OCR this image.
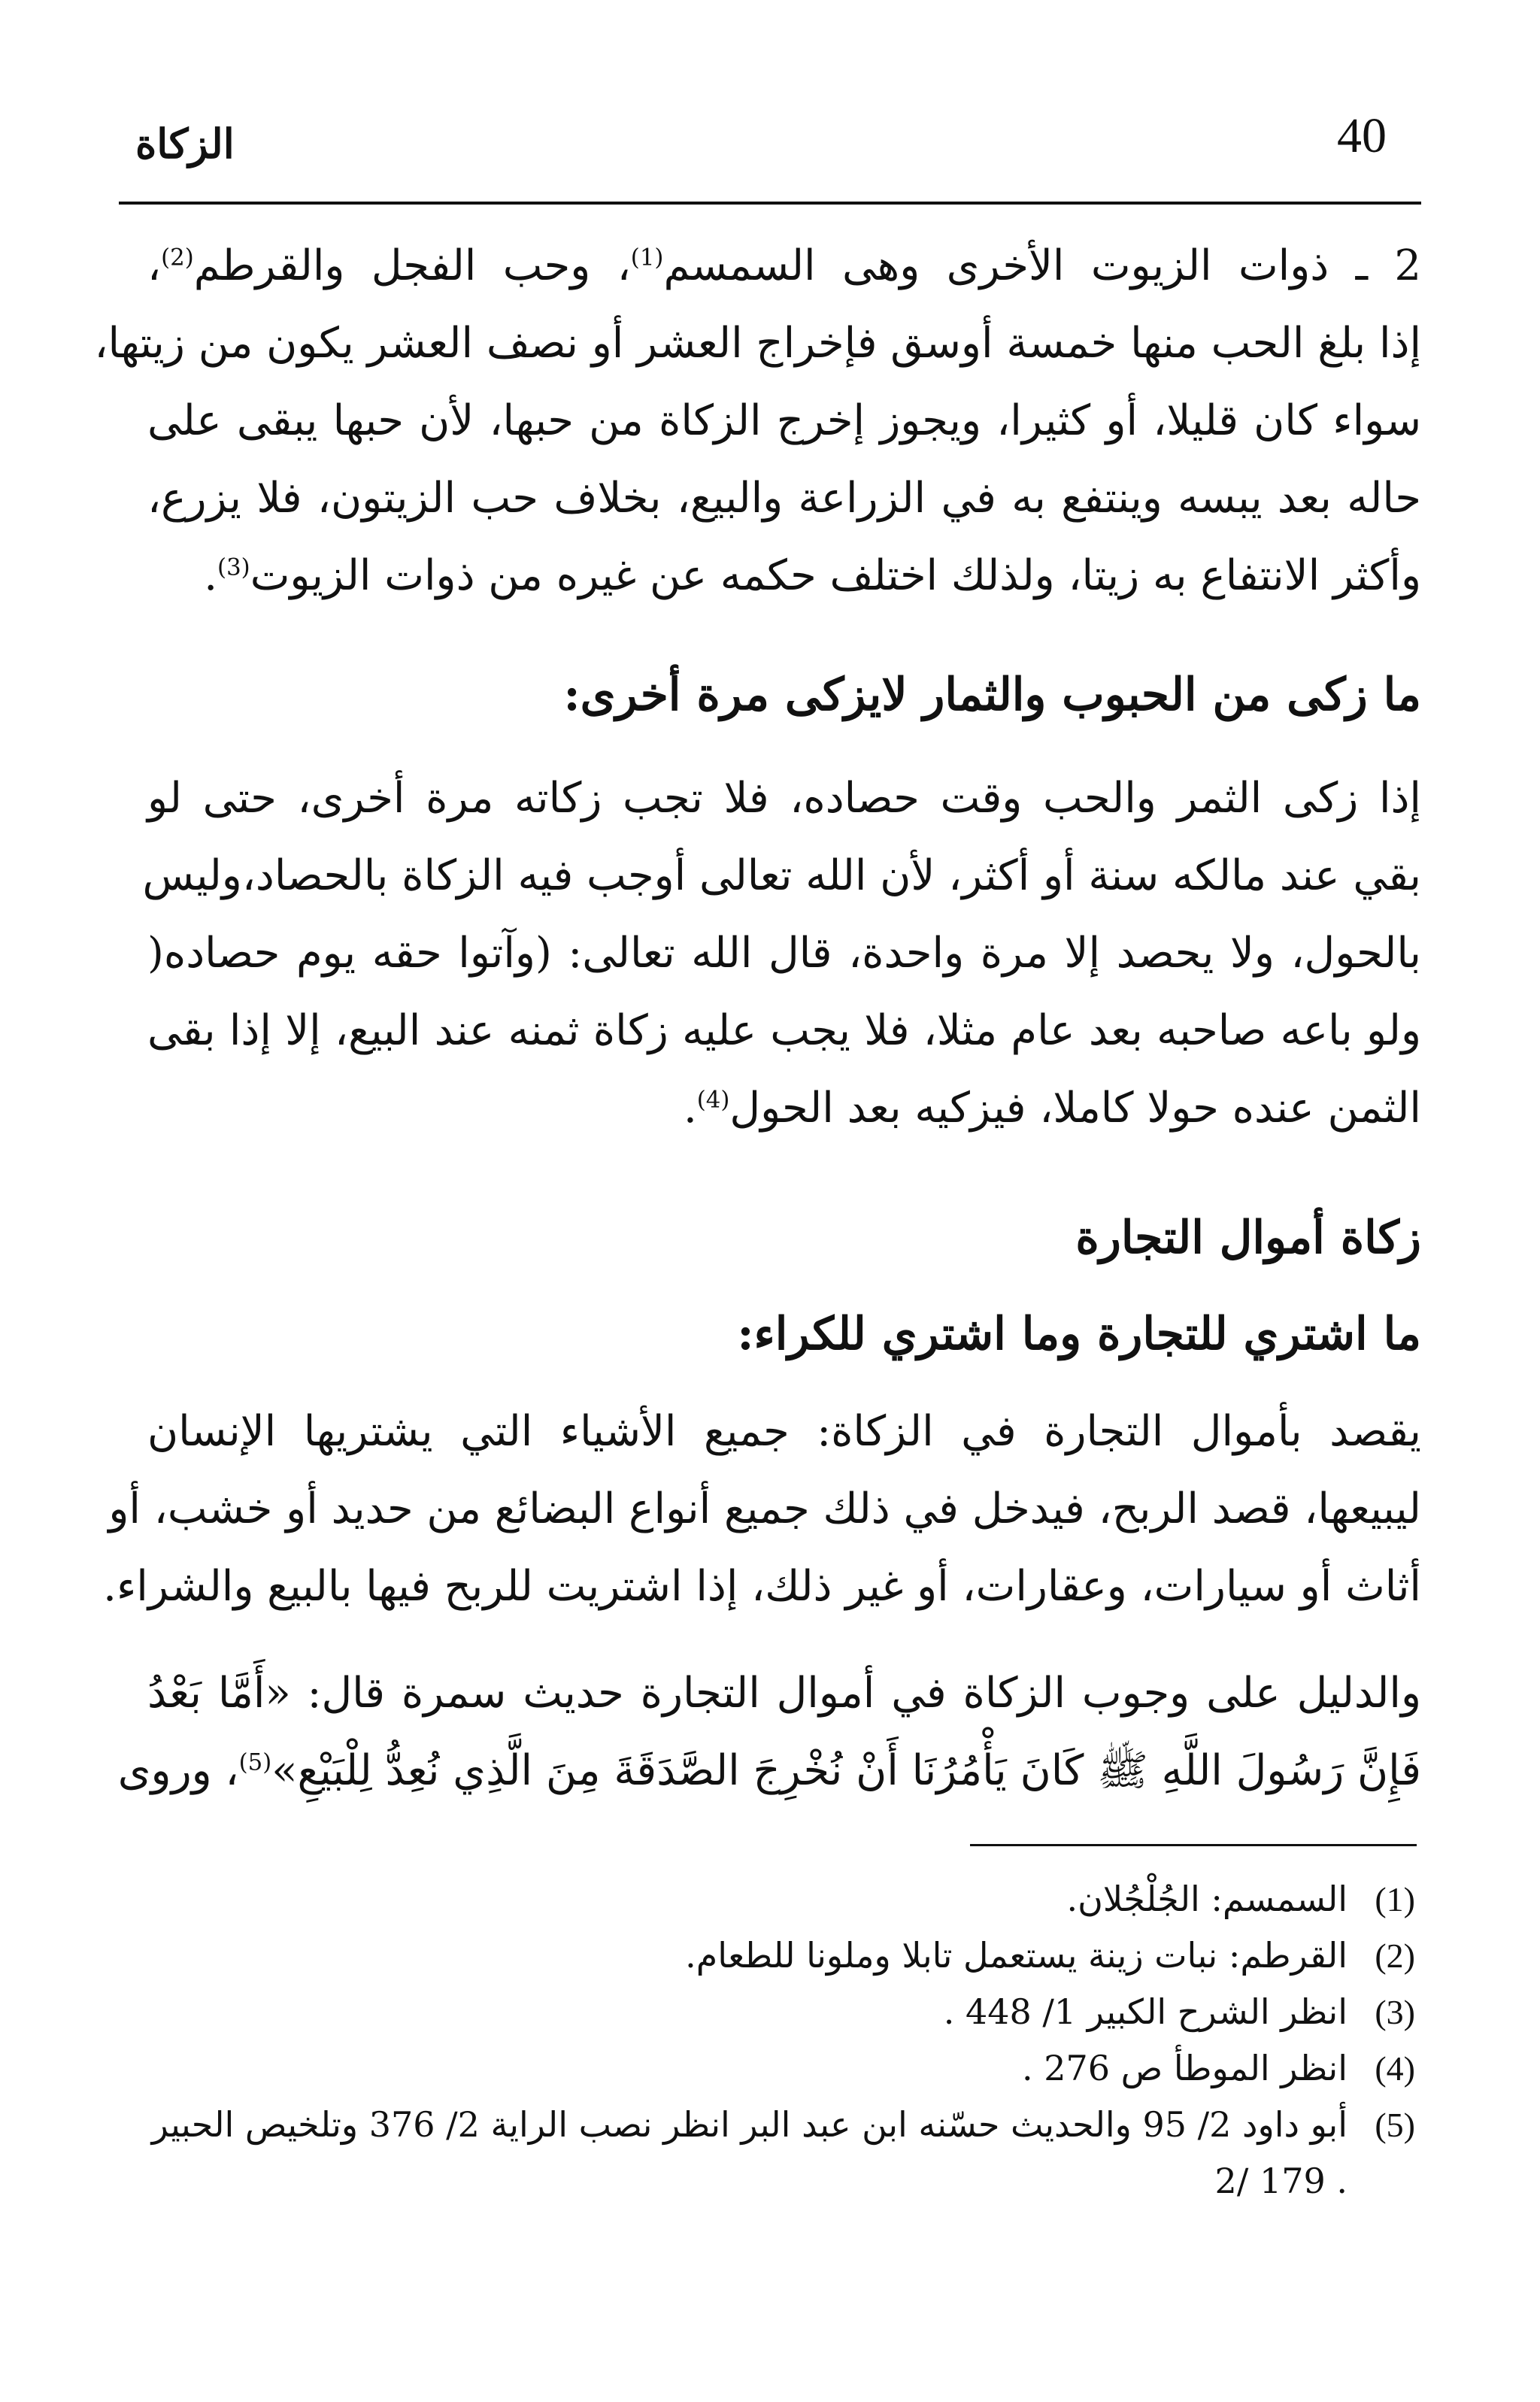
40
الزكاة
2 ـ ذوات الزيوت الأخرى وهى السمسم$^{(1)}$، وحب الفجل والقرطم$^{(2)}$،
إذا بلغ الحب منها خمسة أوسق فإخراج العشر أو نصف العشر يكون من زيتها،
سواء كان قليلا، أو كثيرا، ويجوز إخرج الزكاة من حبها، لأن حبها يبقى على
حاله بعد يبسه وينتفع به في الزراعة والبيع، بخلاف حب الزيتون، فلا يزرع،
وأكثر الانتفاع به زيتا، ولذلك اختلف حكمه عن غيره من ذوات الزيوت$^{(3)}$.
ما زكى من الحبوب والثمار لايزكى مرة أخرى:
إذا زكى الثمر والحب وقت حصاده، فلا تجب زكاته مرة أخرى، حتى لو
بقي عند مالكه سنة أو أكثر، لأن الله تعالى أوجب فيه الزكاة بالحصاد،وليس
بالحول، ولا يحصد إلا مرة واحدة، قال الله تعالى: (وآتوا حقه يوم حصاده(
ولو باعه صاحبه بعد عام مثلا، فلا يجب عليه زكاة ثمنه عند البيع، إلا إذا بقى
الثمن عنده حولا كاملا، فيزكيه بعد الحول$^{(4)}$.
زكاة أموال التجارة
ما اشتري للتجارة وما اشتري للكراء:
يقصد بأموال التجارة في الزكاة: جميع الأشياء التي يشتريها الإنسان
ليبيعها، قصد الربح، فيدخل في ذلك جميع أنواع البضائع من حديد أو خشب، أو
أثاث أو سيارات، وعقارات، أو غير ذلك، إذا اشتريت للربح فيها بالبيع والشراء.
والدليل على وجوب الزكاة في أموال التجارة حديث سمرة قال: «أَمَّا بَعْدُ
فَإِنَّ رَسُولَ اللَّهِ ﷺ كَانَ يَأْمُرُنَا أَنْ نُخْرِجَ الصَّدَقَةَ مِنَ الَّذِي نُعِدُّ لِلْبَيْعِ»$^{(5)}$، وروى
(1)
السمسم: الجُلْجُلان.
(2)
القرطم: نبات زينة يستعمل تابلا وملونا للطعام.
(3)
انظر الشرح الكبير 1/ 448 .
(4)
انظر الموطأ ص 276 .
(5)
أبو داود 2/ 95 والحديث حسّنه ابن عبد البر انظر نصب الراية 2/ 376 وتلخيص الحبير
. 179 /2
